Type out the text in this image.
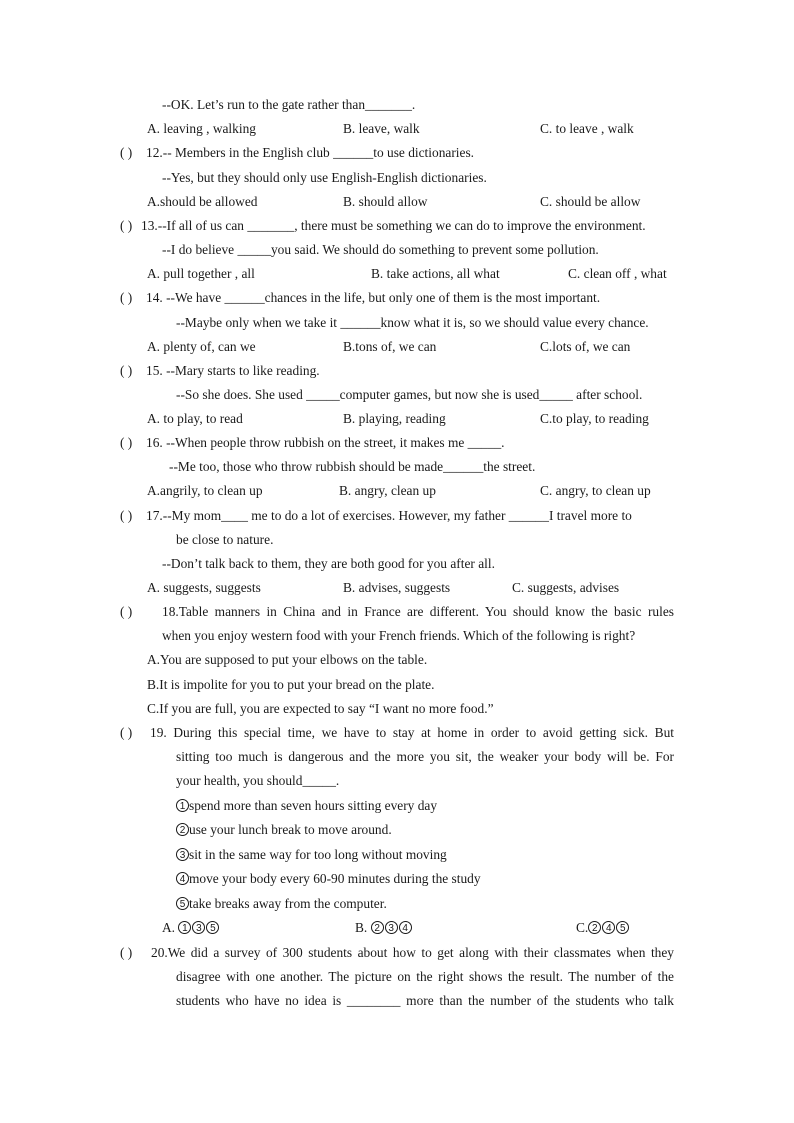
--OK. Let’s run to the gate rather than_______.
A. leaving , walking	B. leave, walk	C. to leave , walk
( ) 12.-- Members in the English club ______to use dictionaries.
--Yes, but they should only use English-English dictionaries.
A.should be allowed	B. should allow	C. should be allow
( ) 13.--If all of us can _______, there must be something we can do to improve the environment.
--I do believe _____you said. We should do something to prevent some pollution.
A. pull together , all	B. take actions, all what	C. clean off , what
( ) 14. --We have ______chances in the life, but only one of them is the most important.
--Maybe only when we take it ______know what it is, so we should value every chance.
A. plenty of, can we	B.tons of, we can	C.lots of, we can
( ) 15. --Mary starts to like reading.
--So she does. She used _____computer games, but now she is used_____ after school.
A. to play, to read	B. playing, reading	C.to play, to reading
( ) 16. --When people throw rubbish on the street, it makes me _____.
--Me too, those who throw rubbish should be made______the street.
A.angrily, to clean up	B. angry, clean up	C. angry, to clean up
( ) 17.--My mom____ me to do a lot of exercises. However, my father ______I travel more to
be close to nature.
--Don’t talk back to them, they are both good for you after all.
A. suggests, suggests	B. advises, suggests	C. suggests, advises
( ) 18.Table manners in China and in France are different. You should know the basic rules
when you enjoy western food with your French friends. Which of the following is right?
A.You are supposed to put your elbows on the table.
B.It is impolite for you to put your bread on the plate.
C.If you are full, you are expected to say “I want no more food.”
( ) 19. During this special time, we have to stay at home in order to avoid getting sick. But
sitting too much is dangerous and the more you sit, the weaker your body will be. For
your health, you should_____.
1 spend more than seven hours sitting every day
2 use your lunch break to move around.
3 sit in the same way for too long without moving
4 move your body every 60-90 minutes during the study
5 take breaks away from the computer.
A. 1 3 5	B. 2 3 4	C. 2 4 5
( ) 20.We did a survey of 300 students about how to get along with their classmates when they
disagree with one another. The picture on the right shows the result. The number of the
students who have no idea is ________ more than the number of the students who talk
